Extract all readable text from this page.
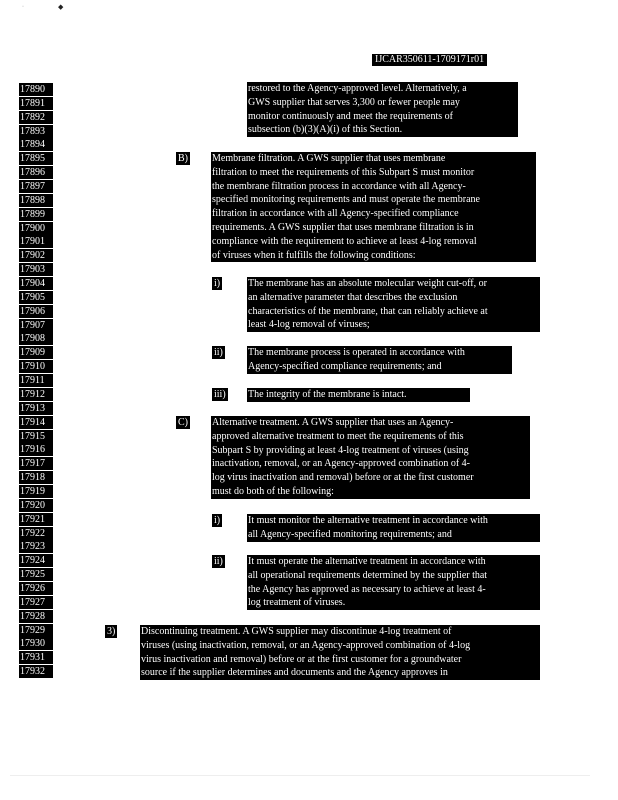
·	◆
IJCAR350611-1709171r01
17890
17891
17892
17893
17894
17895
17896
17897
17898
17899
17900
17901
17902
17903
17904
17905
17906
17907
17908
17909
17910
17911
17912
17913
17914
17915
17916
17917
17918
17919
17920
17921
17922
17923
17924
17925
17926
17927
17928
17929
17930
17931
17932
B)
i)
ii)
iii)
C)
i)
ii)
3)
restored to the Agency-approved level. Alternatively, a
GWS supplier that serves 3,300 or fewer people may
monitor continuously and meet the requirements of
subsection (b)(3)(A)(i) of this Section.
Membrane filtration. A GWS supplier that uses membrane
filtration to meet the requirements of this Subpart S must monitor
the membrane filtration process in accordance with all Agency-
specified monitoring requirements and must operate the membrane
filtration in accordance with all Agency-specified compliance
requirements. A GWS supplier that uses membrane filtration is in
compliance with the requirement to achieve at least 4-log removal
of viruses when it fulfills the following conditions:
The membrane has an absolute molecular weight cut-off, or
an alternative parameter that describes the exclusion
characteristics of the membrane, that can reliably achieve at
least 4-log removal of viruses;
The membrane process is operated in accordance with
Agency-specified compliance requirements; and
The integrity of the membrane is intact.
Alternative treatment. A GWS supplier that uses an Agency-
approved alternative treatment to meet the requirements of this
Subpart S by providing at least 4-log treatment of viruses (using
inactivation, removal, or an Agency-approved combination of 4-
log virus inactivation and removal) before or at the first customer
must do both of the following:
It must monitor the alternative treatment in accordance with
all Agency-specified monitoring requirements; and
It must operate the alternative treatment in accordance with
all operational requirements determined by the supplier that
the Agency has approved as necessary to achieve at least 4-
log treatment of viruses.
Discontinuing treatment. A GWS supplier may discontinue 4-log treatment of
viruses (using inactivation, removal, or an Agency-approved combination of 4-log
virus inactivation and removal) before or at the first customer for a groundwater
source if the supplier determines and documents and the Agency approves in
